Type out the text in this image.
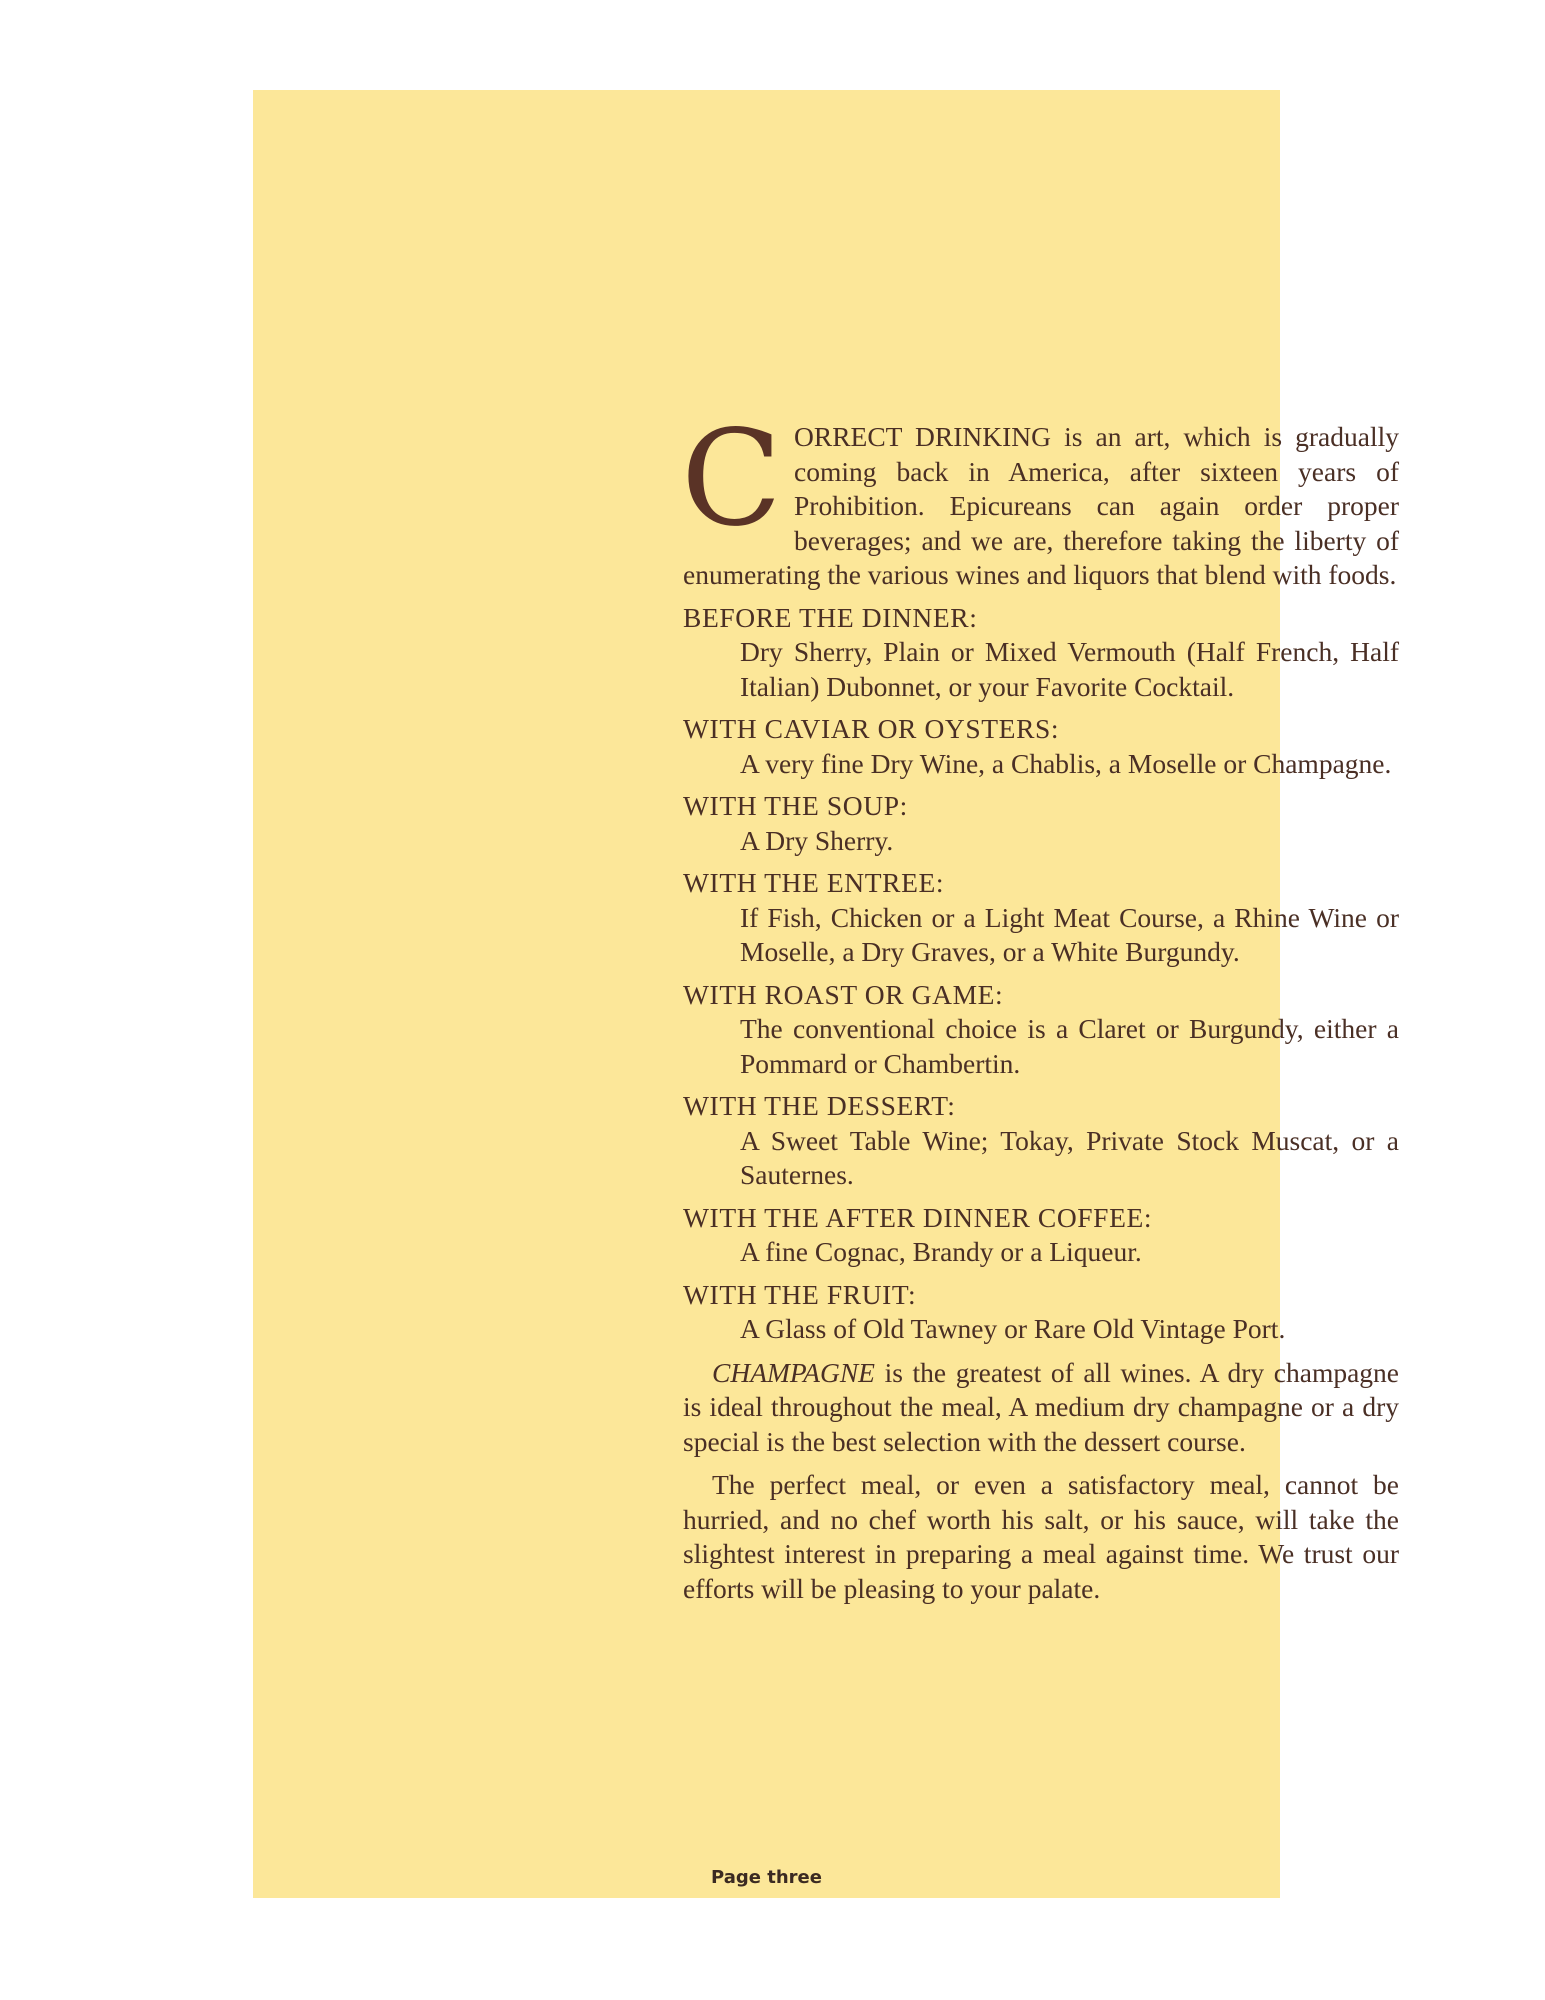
CORRECT DRINKING is an art, which is gradually coming back in America, after sixteen years of Prohibition. Epicureans can again order proper beverages; and we are, therefore taking the liberty of enumerating the various wines and liquors that blend with foods.

BEFORE THE DINNER:

Dry Sherry, Plain or Mixed Vermouth (Half French, Half Italian) Dubonnet, or your Favorite Cocktail.

WITH CAVIAR OR OYSTERS:

A very fine Dry Wine, a Chablis, a Moselle or Champagne.

WITH THE SOUP:

A Dry Sherry.

WITH THE ENTREE:

If Fish, Chicken or a Light Meat Course, a Rhine Wine or Moselle, a Dry Graves, or a White Burgundy.

WITH ROAST OR GAME:

The conventional choice is a Claret or Burgundy, either a Pommard or Chambertin.

WITH THE DESSERT:

A Sweet Table Wine; Tokay, Private Stock Muscat, or a Sauternes.

WITH THE AFTER DINNER COFFEE:

A fine Cognac, Brandy or a Liqueur.

WITH THE FRUIT:

A Glass of Old Tawney or Rare Old Vintage Port.

CHAMPAGNE is the greatest of all wines. A dry champagne is ideal throughout the meal, A medium dry champagne or a dry special is the best selection with the dessert course.

The perfect meal, or even a satisfactory meal, cannot be hurried, and no chef worth his salt, or his sauce, will take the slightest interest in preparing a meal against time. We trust our efforts will be pleasing to your palate.

Page three
